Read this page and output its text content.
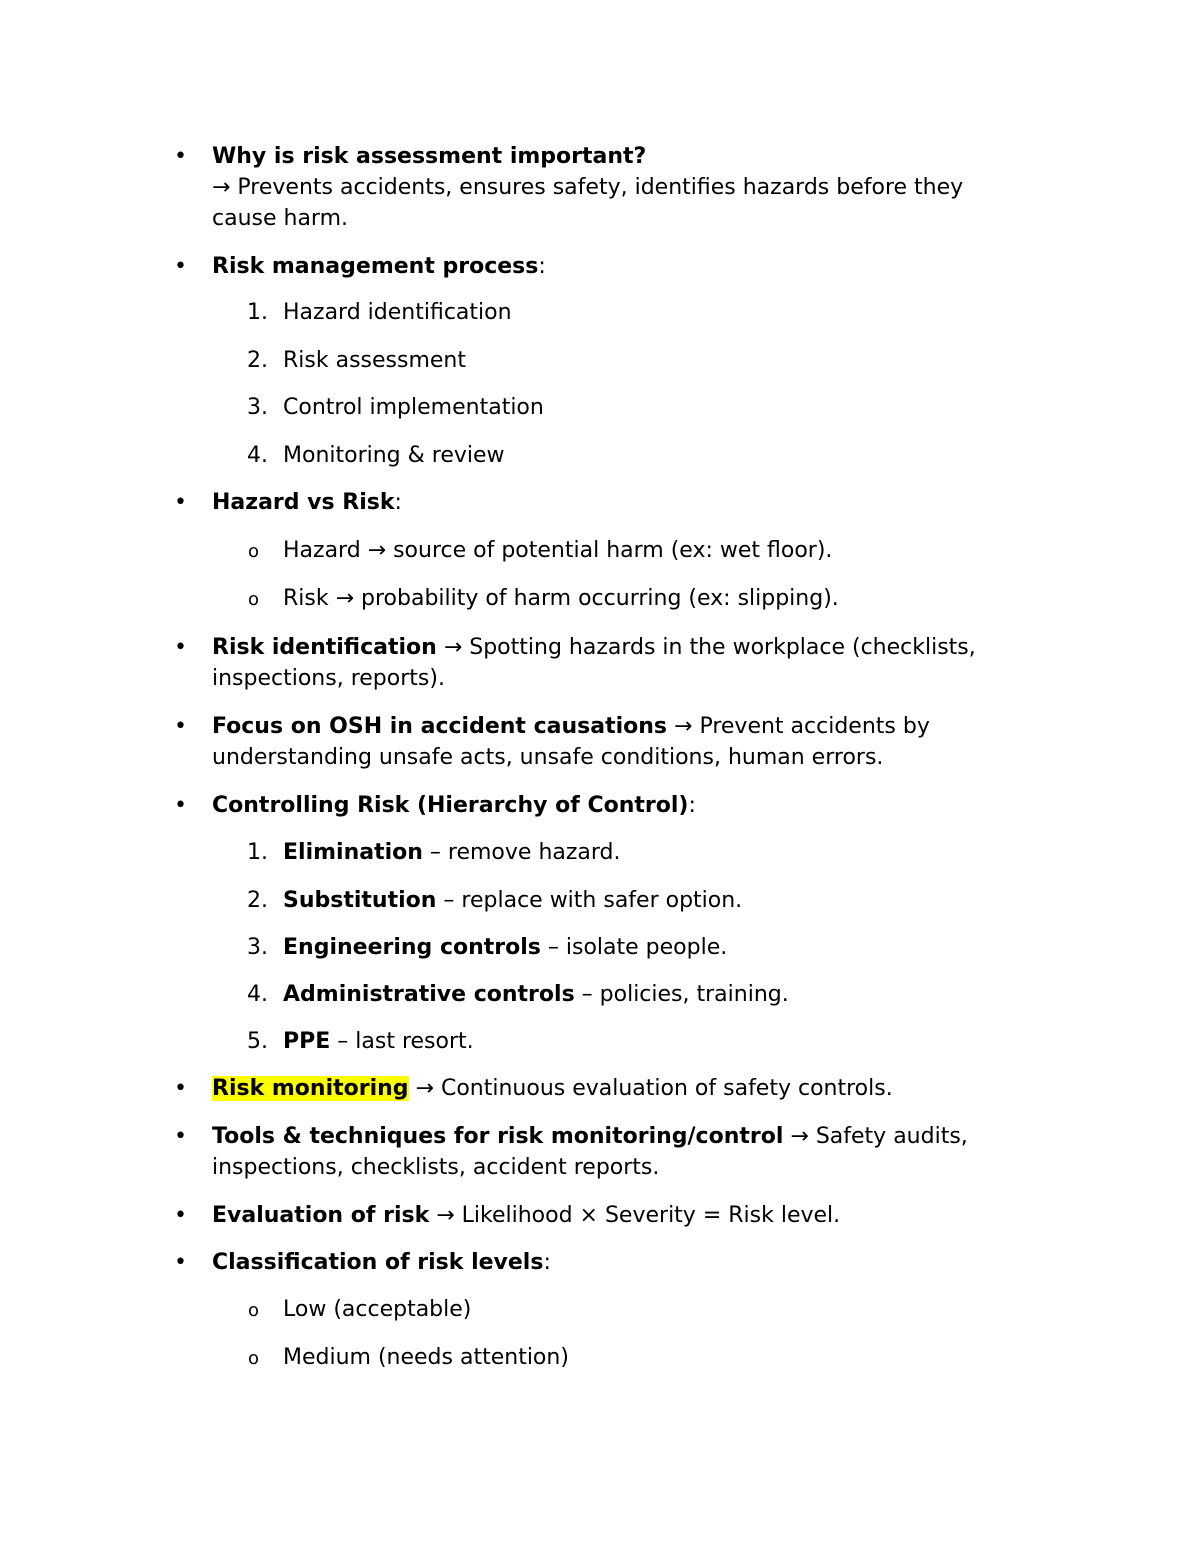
• Why is risk assessment important?
→ Prevents accidents, ensures safety, identifies hazards before they
cause harm.
• Risk management process:
1. Hazard identification
2. Risk assessment
3. Control implementation
4. Monitoring & review
• Hazard vs Risk:
o Hazard → source of potential harm (ex: wet floor).
o Risk → probability of harm occurring (ex: slipping).
• Risk identification → Spotting hazards in the workplace (checklists,
inspections, reports).
• Focus on OSH in accident causations → Prevent accidents by
understanding unsafe acts, unsafe conditions, human errors.
• Controlling Risk (Hierarchy of Control):
1. Elimination – remove hazard.
2. Substitution – replace with safer option.
3. Engineering controls – isolate people.
4. Administrative controls – policies, training.
5. PPE – last resort.
• Risk monitoring → Continuous evaluation of safety controls.
• Tools & techniques for risk monitoring/control → Safety audits,
inspections, checklists, accident reports.
• Evaluation of risk → Likelihood × Severity = Risk level.
• Classification of risk levels:
o Low (acceptable)
o Medium (needs attention)
